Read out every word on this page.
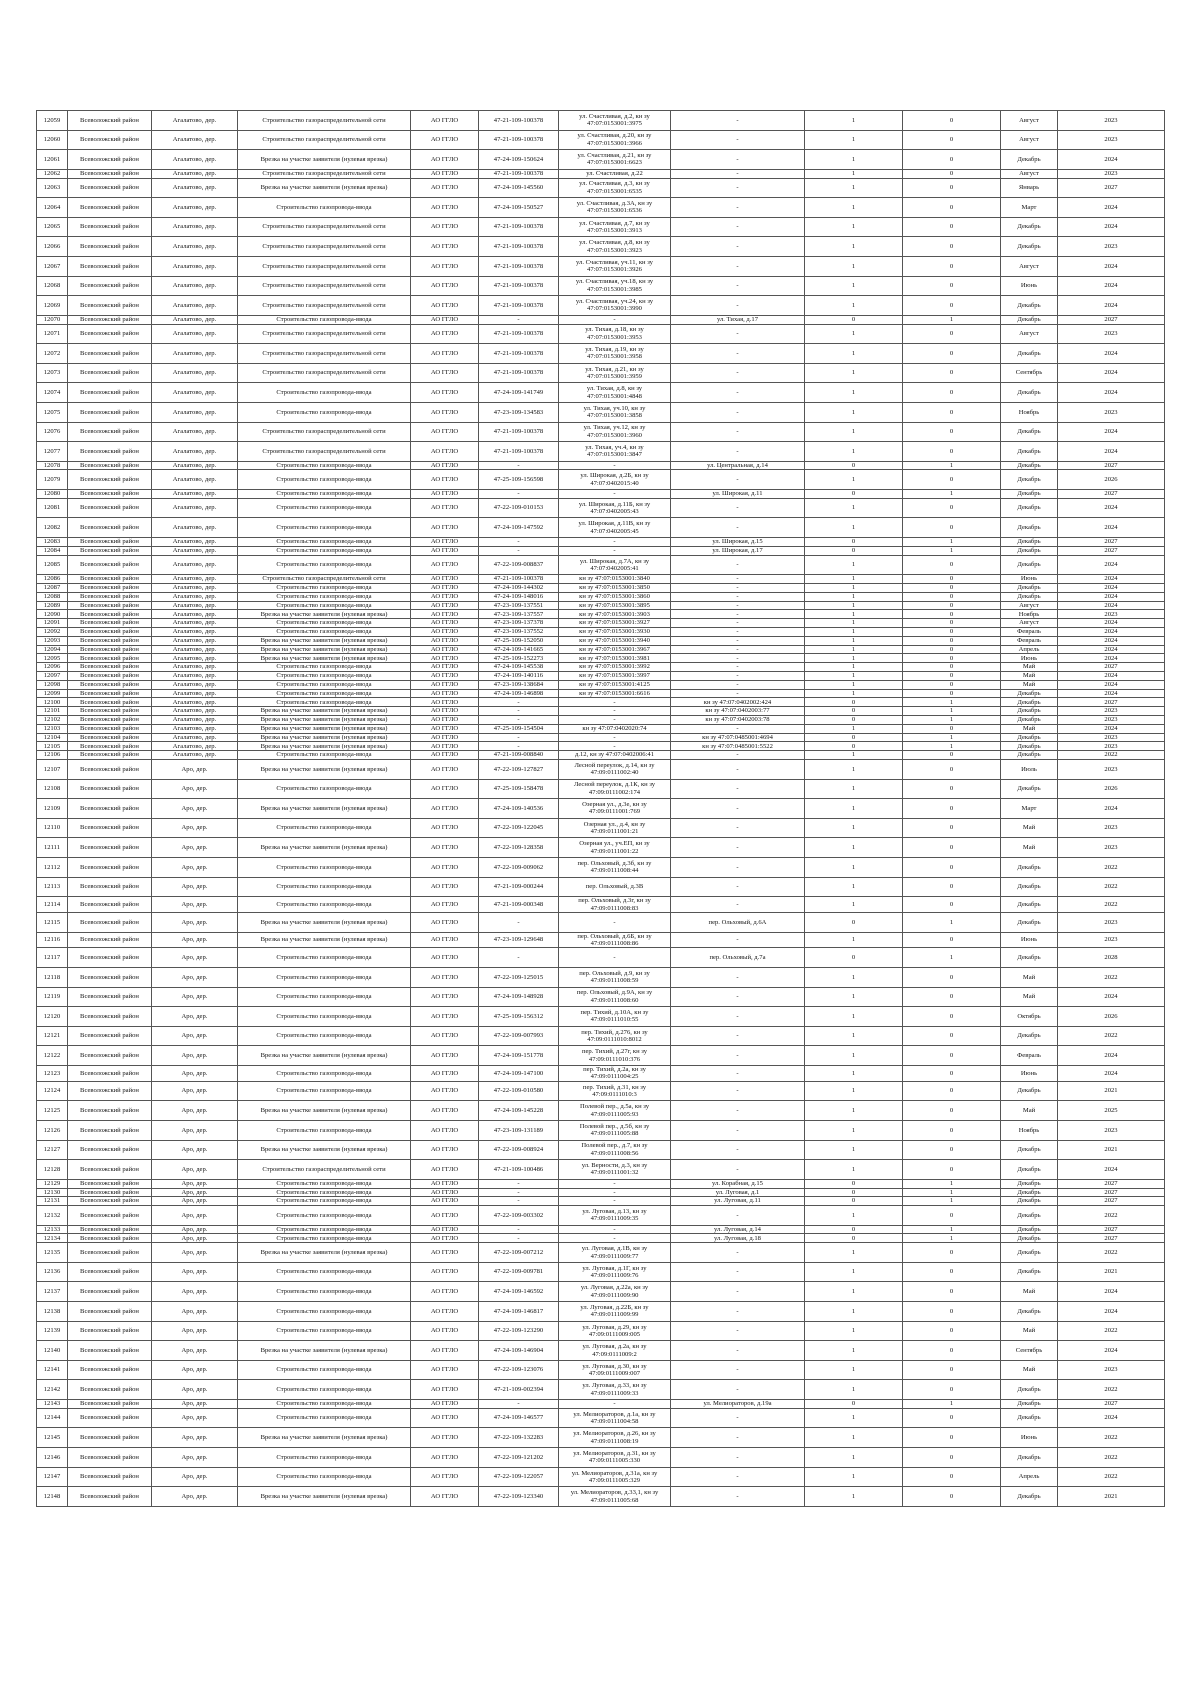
12059	Всеволожский район	Агалатово, дер.	Строительство газораспределительной сети	АО ГГЛО	47-21-109-100378	ул. Счастливая, д.2, кн зу 47:07:0153001:3975	-	1	0	Август	2023
12060	Всеволожский район	Агалатово, дер.	Строительство газораспределительной сети	АО ГГЛО	47-21-109-100378	ул. Счастливая, д.20, кн зу 47:07:0153001:3966	-	1	0	Август	2023
12061	Всеволожский район	Агалатово, дер.	Врезка на участке заявителя (нулевая врезка)	АО ГГЛО	47-24-109-150624	ул. Счастливая, д.21, кн зу 47:07:0153001:6623	-	1	0	Декабрь	2024
12062	Всеволожский район	Агалатово, дер.	Строительство газораспределительной сети	АО ГГЛО	47-21-109-100378	ул. Счастливая, д.22	-	1	0	Август	2023
12063	Всеволожский район	Агалатово, дер.	Врезка на участке заявителя (нулевая врезка)	АО ГГЛО	47-24-109-145560	ул. Счастливая, д.3, кн зу 47:07:0153001:6535	-	1	0	Январь	2027
12064	Всеволожский район	Агалатово, дер.	Строительство газопровода-ввода	АО ГГЛО	47-24-109-150527	ул. Счастливая, д.3А, кн зу 47:07:0153001:6536	-	1	0	Март	2024
12065	Всеволожский район	Агалатово, дер.	Строительство газораспределительной сети	АО ГГЛО	47-21-109-100378	ул. Счастливая, д.7, кн зу 47:07:0153001:3913	-	1	0	Декабрь	2024
12066	Всеволожский район	Агалатово, дер.	Строительство газораспределительной сети	АО ГГЛО	47-21-109-100378	ул. Счастливая, д.8, кн зу 47:07:0153001:3923	-	1	0	Декабрь	2023
12067	Всеволожский район	Агалатово, дер.	Строительство газораспределительной сети	АО ГГЛО	47-21-109-100378	ул. Счастливая, уч.11, кн зу 47:07:0153001:3926	-	1	0	Август	2024
12068	Всеволожский район	Агалатово, дер.	Строительство газораспределительной сети	АО ГГЛО	47-21-109-100378	ул. Счастливая, уч.18, кн зу 47:07:0153001:3985	-	1	0	Июнь	2024
12069	Всеволожский район	Агалатово, дер.	Строительство газораспределительной сети	АО ГГЛО	47-21-109-100378	ул. Счастливая, уч.24, кн зу 47:07:0153001:3990	-	1	0	Декабрь	2024
12070	Всеволожский район	Агалатово, дер.	Строительство газопровода-ввода	АО ГГЛО	-	-	ул. Тихая, д.17	0	1	Декабрь	2027
12071	Всеволожский район	Агалатово, дер.	Строительство газораспределительной сети	АО ГГЛО	47-21-109-100378	ул. Тихая, д.18, кн зу 47:07:0153001:3953	-	1	0	Август	2023
12072	Всеволожский район	Агалатово, дер.	Строительство газораспределительной сети	АО ГГЛО	47-21-109-100378	ул. Тихая, д.19, кн зу 47:07:0153001:3958	-	1	0	Декабрь	2024
12073	Всеволожский район	Агалатово, дер.	Строительство газораспределительной сети	АО ГГЛО	47-21-109-100378	ул. Тихая, д.21, кн зу 47:07:0153001:3959	-	1	0	Сентябрь	2024
12074	Всеволожский район	Агалатово, дер.	Строительство газопровода-ввода	АО ГГЛО	47-24-109-141749	ул. Тихая, д.8, кн зу 47:07:0153001:4848	-	1	0	Декабрь	2024
12075	Всеволожский район	Агалатово, дер.	Строительство газопровода-ввода	АО ГГЛО	47-23-109-134583	ул. Тихая, уч.10, кн зу 47:07:0153001:3858	-	1	0	Ноябрь	2023
12076	Всеволожский район	Агалатово, дер.	Строительство газораспределительной сети	АО ГГЛО	47-21-109-100378	ул. Тихая, уч.12, кн зу 47:07:0153001:3960	-	1	0	Декабрь	2024
12077	Всеволожский район	Агалатово, дер.	Строительство газораспределительной сети	АО ГГЛО	47-21-109-100378	ул. Тихая, уч.4, кн зу 47:07:0153001:3847	-	1	0	Декабрь	2024
12078	Всеволожский район	Агалатово, дер.	Строительство газопровода-ввода	АО ГГЛО	-	-	ул. Центральная, д.14	0	1	Декабрь	2027
12079	Всеволожский район	Агалатово, дер.	Строительство газопровода-ввода	АО ГГЛО	47-25-109-156598	ул. Широкая, д.2Б, кн зу 47:07:0402015:40	-	1	0	Декабрь	2026
12080	Всеволожский район	Агалатово, дер.	Строительство газопровода-ввода	АО ГГЛО	-	-	ул. Широкая, д.11	0	1	Декабрь	2027
12081	Всеволожский район	Агалатово, дер.	Строительство газопровода-ввода	АО ГГЛО	47-22-109-010153	ул. Широкая, д.11Б, кн зу 47:07:0402005:43	-	1	0	Декабрь	2024
12082	Всеволожский район	Агалатово, дер.	Строительство газопровода-ввода	АО ГГЛО	47-24-109-147592	ул. Широкая, д.11В, кн зу 47:07:0402005:45	-	1	0	Декабрь	2024
12083	Всеволожский район	Агалатово, дер.	Строительство газопровода-ввода	АО ГГЛО	-	-	ул. Широкая, д.15	0	1	Декабрь	2027
12084	Всеволожский район	Агалатово, дер.	Строительство газопровода-ввода	АО ГГЛО	-	-	ул. Широкая, д.17	0	1	Декабрь	2027
12085	Всеволожский район	Агалатово, дер.	Строительство газопровода-ввода	АО ГГЛО	47-22-109-008837	ул. Широкая, д.7А, кн зу 47:07:0402005:41	-	1	0	Декабрь	2024
12086	Всеволожский район	Агалатово, дер.	Строительство газораспределительной сети	АО ГГЛО	47-21-109-100378	кн зу 47:07:0153001:3840	-	1	0	Июнь	2024
12087	Всеволожский район	Агалатово, дер.	Строительство газопровода-ввода	АО ГГЛО	47-24-109-144302	кн зу 47:07:0153001:3850	-	1	0	Декабрь	2024
12088	Всеволожский район	Агалатово, дер.	Строительство газопровода-ввода	АО ГГЛО	47-24-109-148016	кн зу 47:07:0153001:3860	-	1	0	Декабрь	2024
12089	Всеволожский район	Агалатово, дер.	Строительство газопровода-ввода	АО ГГЛО	47-23-109-137551	кн зу 47:07:0153001:3895	-	1	0	Август	2024
12090	Всеволожский район	Агалатово, дер.	Врезка на участке заявителя (нулевая врезка)	АО ГГЛО	47-23-109-137557	кн зу 47:07:0153001:3903	-	1	0	Ноябрь	2023
12091	Всеволожский район	Агалатово, дер.	Строительство газопровода-ввода	АО ГГЛО	47-23-109-137378	кн зу 47:07:0153001:3927	-	1	0	Август	2024
12092	Всеволожский район	Агалатово, дер.	Строительство газопровода-ввода	АО ГГЛО	47-23-109-137552	кн зу 47:07:0153001:3930	-	1	0	Февраль	2024
12093	Всеволожский район	Агалатово, дер.	Врезка на участке заявителя (нулевая врезка)	АО ГГЛО	47-25-109-152050	кн зу 47:07:0153001:3940	-	1	0	Февраль	2024
12094	Всеволожский район	Агалатово, дер.	Врезка на участке заявителя (нулевая врезка)	АО ГГЛО	47-24-109-141665	кн зу 47:07:0153001:3967	-	1	0	Апрель	2024
12095	Всеволожский район	Агалатово, дер.	Врезка на участке заявителя (нулевая врезка)	АО ГГЛО	47-25-109-152273	кн зу 47:07:0153001:3981	-	1	0	Июнь	2024
12096	Всеволожский район	Агалатово, дер.	Строительство газопровода-ввода	АО ГГЛО	47-24-109-145538	кн зу 47:07:0153001:3992	-	1	0	Май	2027
12097	Всеволожский район	Агалатово, дер.	Строительство газопровода-ввода	АО ГГЛО	47-24-109-140116	кн зу 47:07:0153001:3997	-	1	0	Май	2024
12098	Всеволожский район	Агалатово, дер.	Строительство газопровода-ввода	АО ГГЛО	47-23-109-138684	кн зу 47:07:0153001:4125	-	1	0	Май	2024
12099	Всеволожский район	Агалатово, дер.	Строительство газопровода-ввода	АО ГГЛО	47-24-109-146898	кн зу 47:07:0153001:6616	-	1	0	Декабрь	2024
12100	Всеволожский район	Агалатово, дер.	Строительство газопровода-ввода	АО ГГЛО	-	-	кн зу 47:07:0402002:424	0	1	Декабрь	2027
12101	Всеволожский район	Агалатово, дер.	Врезка на участке заявителя (нулевая врезка)	АО ГГЛО	-	-	кн зу 47:07:0402003:77	0	1	Декабрь	2023
12102	Всеволожский район	Агалатово, дер.	Врезка на участке заявителя (нулевая врезка)	АО ГГЛО	-	-	кн зу 47:07:0402003:78	0	1	Декабрь	2023
12103	Всеволожский район	Агалатово, дер.	Врезка на участке заявителя (нулевая врезка)	АО ГГЛО	47-25-109-154504	кн зу 47:07:0402020:74	-	1	0	Май	2024
12104	Всеволожский район	Агалатово, дер.	Врезка на участке заявителя (нулевая врезка)	АО ГГЛО	-	-	кн зу 47:07:0485001:4694	0	1	Декабрь	2023
12105	Всеволожский район	Агалатово, дер.	Врезка на участке заявителя (нулевая врезка)	АО ГГЛО	-	-	кн зу 47:07:0485001:5522	0	1	Декабрь	2023
12106	Всеволожский район	Агалатово, дер.	Строительство газопровода-ввода	АО ГГЛО	47-21-109-008840	д.12, кн зу 47:07:0402006:41	-	1	0	Декабрь	2022
12107	Всеволожский район	Аро, дер.	Врезка на участке заявителя (нулевая врезка)	АО ГГЛО	47-22-109-127827	Лесной переулок, д.14, кн зу 47:09:0111002:40	-	1	0	Июль	2023
12108	Всеволожский район	Аро, дер.	Строительство газопровода-ввода	АО ГГЛО	47-25-109-158478	Лесной переулок, д.1К, кн зу 47:09:0111002:174	-	1	0	Декабрь	2026
12109	Всеволожский район	Аро, дер.	Врезка на участке заявителя (нулевая врезка)	АО ГГЛО	47-24-109-140536	Озерная ул., д.3е, кн зу 47:09:0111001:769	-	1	0	Март	2024
12110	Всеволожский район	Аро, дер.	Строительство газопровода-ввода	АО ГГЛО	47-22-109-122045	Озерная ул., д.4, кн зу 47:09:0111001:21	-	1	0	Май	2023
12111	Всеволожский район	Аро, дер.	Врезка на участке заявителя (нулевая врезка)	АО ГГЛО	47-22-109-128358	Озерная ул., уч.ЕП, кн зу 47:09:0111001:22	-	1	0	Май	2023
12112	Всеволожский район	Аро, дер.	Строительство газопровода-ввода	АО ГГЛО	47-22-109-009062	пер. Ольховый, д.3б, кн зу 47:09:0111008:44	-	1	0	Декабрь	2022
12113	Всеволожский район	Аро, дер.	Строительство газопровода-ввода	АО ГГЛО	47-21-109-000244	пер. Ольховый, д.3В	-	1	0	Декабрь	2022
12114	Всеволожский район	Аро, дер.	Строительство газопровода-ввода	АО ГГЛО	47-21-109-000348	пер. Ольховый, д.3г, кн зу 47:09:0111008:83	-	1	0	Декабрь	2022
12115	Всеволожский район	Аро, дер.	Врезка на участке заявителя (нулевая врезка)	АО ГГЛО	-	-	пер. Ольховый, д.6А	0	1	Декабрь	2023
12116	Всеволожский район	Аро, дер.	Врезка на участке заявителя (нулевая врезка)	АО ГГЛО	47-23-109-129648	пер. Ольховый, д.6Б, кн зу 47:09:0111008:86	-	1	0	Июнь	2023
12117	Всеволожский район	Аро, дер.	Строительство газопровода-ввода	АО ГГЛО	-	-	пер. Ольховый, д.7а	0	1	Декабрь	2028
12118	Всеволожский район	Аро, дер.	Строительство газопровода-ввода	АО ГГЛО	47-22-109-125015	пер. Ольховый, д.9, кн зу 47:09:0111008:59	-	1	0	Май	2022
12119	Всеволожский район	Аро, дер.	Строительство газопровода-ввода	АО ГГЛО	47-24-109-148928	пер. Ольховый, д.9А, кн зу 47:09:0111008:60	-	1	0	Май	2024
12120	Всеволожский район	Аро, дер.	Строительство газопровода-ввода	АО ГГЛО	47-25-109-156312	пер. Тихий, д.10А, кн зу 47:09:0111010:55	-	1	0	Октябрь	2026
12121	Всеволожский район	Аро, дер.	Строительство газопровода-ввода	АО ГГЛО	47-22-109-007993	пер. Тихий, д.276, кн зу 47:09:0111010:8012	-	1	0	Декабрь	2022
12122	Всеволожский район	Аро, дер.	Врезка на участке заявителя (нулевая врезка)	АО ГГЛО	47-24-109-151778	пер. Тихий, д.27г, кн зу 47:09:0111010:376	-	1	0	Февраль	2024
12123	Всеволожский район	Аро, дер.	Строительство газопровода-ввода	АО ГГЛО	47-24-109-147100	пер. Тихий, д.2а, кн зу 47:09:0111004:25	-	1	0	Июнь	2024
12124	Всеволожский район	Аро, дер.	Строительство газопровода-ввода	АО ГГЛО	47-22-109-010580	пер. Тихий, д.31, кн зу 47:09:0111010:3	-	1	0	Декабрь	2021
12125	Всеволожский район	Аро, дер.	Врезка на участке заявителя (нулевая врезка)	АО ГГЛО	47-24-109-145228	Полевой пер., д.5а, кн зу 47:09:0111005:93	-	1	0	Май	2025
12126	Всеволожский район	Аро, дер.	Строительство газопровода-ввода	АО ГГЛО	47-23-109-131189	Полевой пер., д.5б, кн зу 47:09:0111005:88	-	1	0	Ноябрь	2023
12127	Всеволожский район	Аро, дер.	Врезка на участке заявителя (нулевая врезка)	АО ГГЛО	47-22-109-008924	Полевой пер., д.7, кн зу 47:09:0111008:56	-	1	0	Декабрь	2021
12128	Всеволожский район	Аро, дер.	Строительство газораспределительной сети	АО ГГЛО	47-21-109-100486	ул. Верности, д.3, кн зу 47:09:0111001:32	-	1	0	Декабрь	2024
12129	Всеволожский район	Аро, дер.	Строительство газопровода-ввода	АО ГГЛО	-	-	ул. Корабная, д.15	0	1	Декабрь	2027
12130	Всеволожский район	Аро, дер.	Строительство газопровода-ввода	АО ГГЛО	-	-	ул. Луговая, д.1	0	1	Декабрь	2027
12131	Всеволожский район	Аро, дер.	Строительство газопровода-ввода	АО ГГЛО	-	-	ул. Луговая, д.11	0	1	Декабрь	2027
12132	Всеволожский район	Аро, дер.	Строительство газопровода-ввода	АО ГГЛО	47-22-109-003302	ул. Луговая, д.13, кн зу 47:09:0111009:35	-	1	0	Декабрь	2022
12133	Всеволожский район	Аро, дер.	Строительство газопровода-ввода	АО ГГЛО	-	-	ул. Луговая, д.14	0	1	Декабрь	2027
12134	Всеволожский район	Аро, дер.	Строительство газопровода-ввода	АО ГГЛО	-	-	ул. Луговая, д.18	0	1	Декабрь	2027
12135	Всеволожский район	Аро, дер.	Врезка на участке заявителя (нулевая врезка)	АО ГГЛО	47-22-109-007212	ул. Луговая, д.1В, кн зу 47:09:0111009:77	-	1	0	Декабрь	2022
12136	Всеволожский район	Аро, дер.	Строительство газопровода-ввода	АО ГГЛО	47-22-109-009781	ул. Луговая, д.1Г, кн зу 47:09:0111009:76	-	1	0	Декабрь	2021
12137	Всеволожский район	Аро, дер.	Строительство газопровода-ввода	АО ГГЛО	47-24-109-146592	ул. Луговая, д.22а, кн зу 47:09:0111009:90	-	1	0	Май	2024
12138	Всеволожский район	Аро, дер.	Строительство газопровода-ввода	АО ГГЛО	47-24-109-146817	ул. Луговая, д.22Б, кн зу 47:09:0111009:99	-	1	0	Декабрь	2024
12139	Всеволожский район	Аро, дер.	Строительство газопровода-ввода	АО ГГЛО	47-22-109-123290	ул. Луговая, д.29, кн зу 47:09:0111009:005	-	1	0	Май	2022
12140	Всеволожский район	Аро, дер.	Врезка на участке заявителя (нулевая врезка)	АО ГГЛО	47-24-109-146904	ул. Луговая, д.2а, кн зу 47:09:0111009:2	-	1	0	Сентябрь	2024
12141	Всеволожский район	Аро, дер.	Строительство газопровода-ввода	АО ГГЛО	47-22-109-123076	ул. Луговая, д.30, кн зу 47:09:0111009:007	-	1	0	Май	2023
12142	Всеволожский район	Аро, дер.	Строительство газопровода-ввода	АО ГГЛО	47-21-109-002394	ул. Луговая, д.33, кн зу 47:09:0111009:33	-	1	0	Декабрь	2022
12143	Всеволожский район	Аро, дер.	Строительство газопровода-ввода	АО ГГЛО	-	-	ул. Мелиораторов, д.19а	0	1	Декабрь	2027
12144	Всеволожский район	Аро, дер.	Строительство газопровода-ввода	АО ГГЛО	47-24-109-146577	ул. Мелиораторов, д.1а, кн зу 47:09:0111004:58	-	1	0	Декабрь	2024
12145	Всеволожский район	Аро, дер.	Врезка на участке заявителя (нулевая врезка)	АО ГГЛО	47-22-109-132283	ул. Мелиораторов, д.26, кн зу 47:09:0111008:19	-	1	0	Июнь	2022
12146	Всеволожский район	Аро, дер.	Строительство газопровода-ввода	АО ГГЛО	47-22-109-121202	ул. Мелиораторов, д.31, кн зу 47:09:0111005:330	-	1	0	Декабрь	2022
12147	Всеволожский район	Аро, дер.	Строительство газопровода-ввода	АО ГГЛО	47-22-109-122057	ул. Мелиораторов, д.31а, кн зу 47:09:0111005:329	-	1	0	Апрель	2022
12148	Всеволожский район	Аро, дер.	Врезка на участке заявителя (нулевая врезка)	АО ГГЛО	47-22-109-123340	ул. Мелиораторов, д.33,1, кн зу 47:09:0111005:68	-	1	0	Декабрь	2021
